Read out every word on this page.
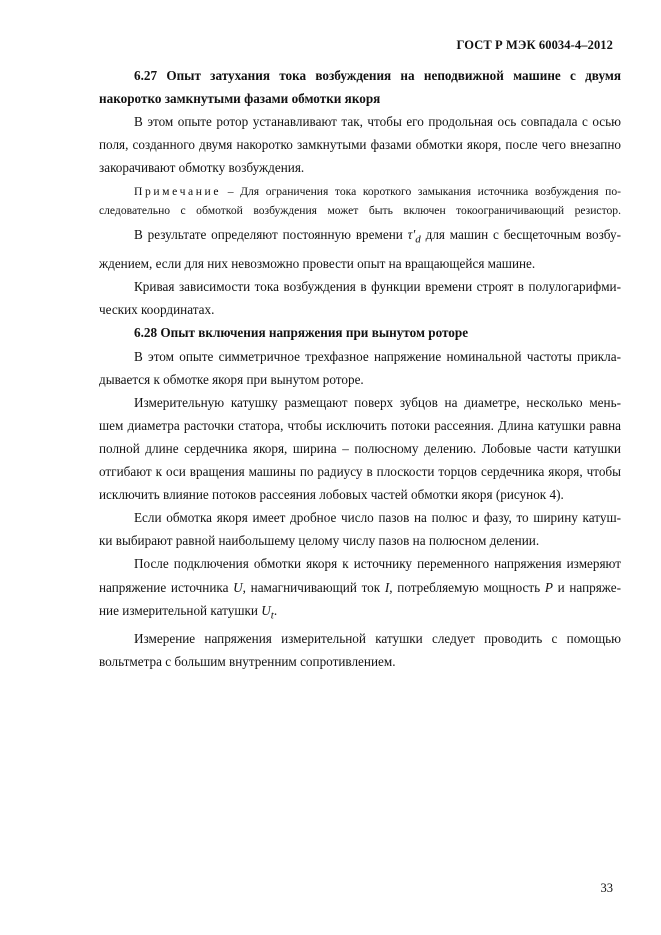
ГОСТ Р МЭК 60034-4–2012

6.27 Опыт затухания тока возбуждения на неподвижной машине с двумя

накоротко замкнутыми фазами обмотки якоря

В этом опыте ротор устанавливают так, чтобы его продольная ось совпадала с осью

поля, созданного двумя накоротко замкнутыми фазами обмотки якоря, после чего внезапно

закорачивают обмотку возбуждения.

Примечание – Для ограничения тока короткого замыкания источника возбуждения по-

следовательно с обмоткой возбуждения может быть включен токоограничивающий резистор.

В результате определяют постоянную времени $\tau'_d$ для машин с бесщеточным возбу-

ждением, если для них невозможно провести опыт на вращающейся машине.

Кривая зависимости тока возбуждения в функции времени строят в полулогарифми-

ческих координатах.

6.28 Опыт включения напряжения при вынутом роторе

В этом опыте симметричное трехфазное напряжение номинальной частоты прикла-

дывается к обмотке якоря при вынутом роторе.

Измерительную катушку размещают поверх зубцов на диаметре, несколько мень-

шем диаметра расточки статора, чтобы исключить потоки рассеяния. Длина катушки равна

полной длине сердечника якоря, ширина – полюсному делению. Лобовые части катушки

отгибают к оси вращения машины по радиусу в плоскости торцов сердечника якоря, чтобы

исключить влияние потоков рассеяния лобовых частей обмотки якоря (рисунок 4).

Если обмотка якоря имеет дробное число пазов на полюс и фазу, то ширину катуш-

ки выбирают равной наибольшему целому числу пазов на полюсном делении.

После подключения обмотки якоря к источнику переменного напряжения измеряют

напряжение источника U, намагничивающий ток I, потребляемую мощность P и напряже-

ние измерительной катушки $U_t$.

Измерение напряжения измерительной катушки следует проводить с помощью

вольтметра с большим внутренним сопротивлением.

33
